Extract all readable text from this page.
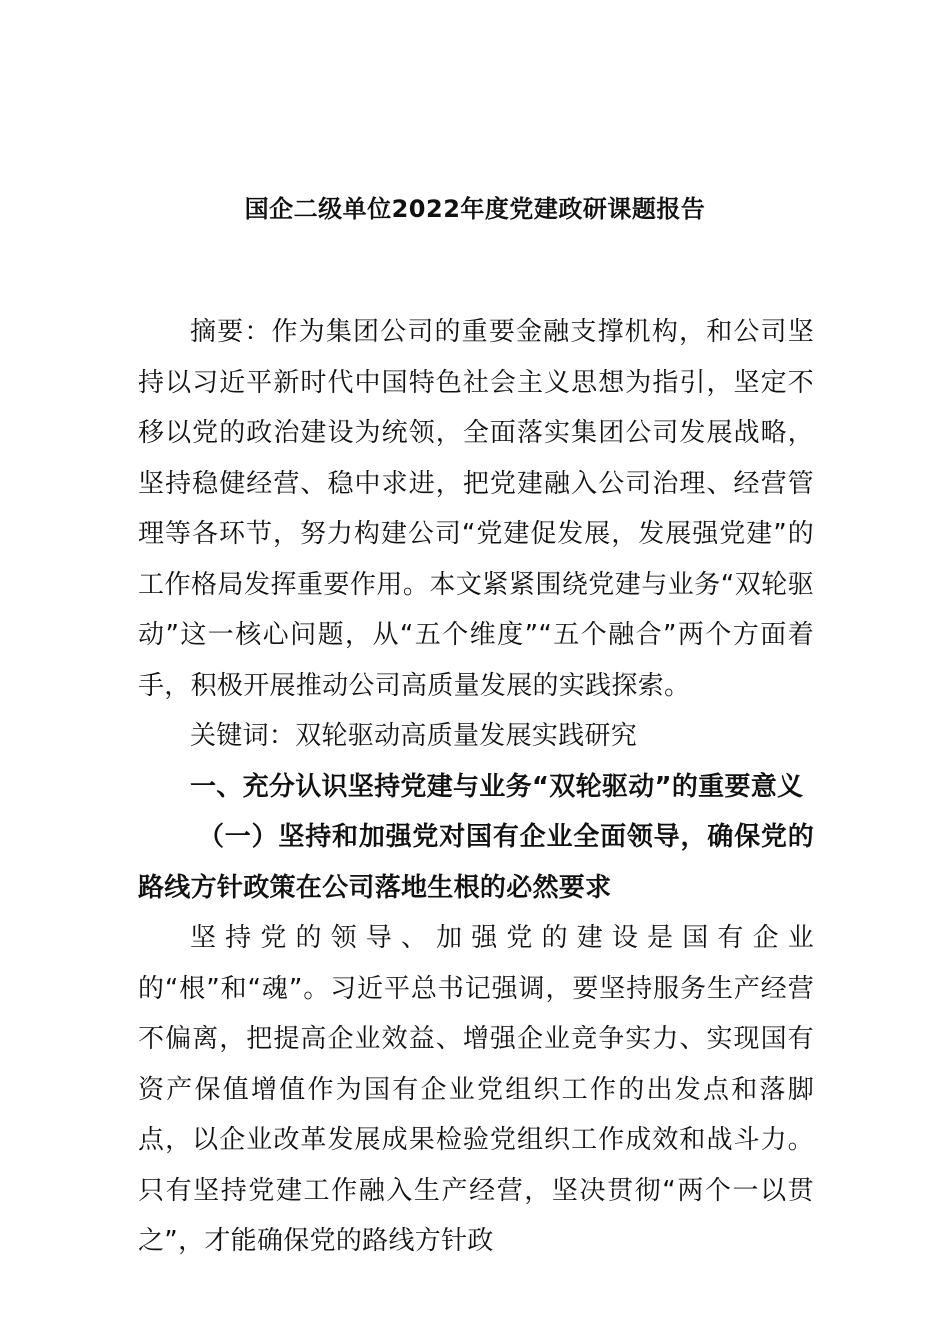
国企二级单位2022年度党建政研课题报告

摘要：作为集团公司的重要金融支撑机构，和公司坚持以习近平新时代中国特色社会主义思想为指引，坚定不移以党的政治建设为统领，全面落实集团公司发展战略，坚持稳健经营、稳中求进，把党建融入公司治理、经营管理等各环节，努力构建公司“党建促发展，发展强党建”的工作格局发挥重要作用。本文紧紧围绕党建与业务“双轮驱动”这一核心问题，从“五个维度”“五个融合”两个方面着手，积极开展推动公司高质量发展的实践探索。

关键词：双轮驱动高质量发展实践研究

一、充分认识坚持党建与业务“双轮驱动”的重要意义

（一）坚持和加强党对国有企业全面领导，确保党的路线方针政策在公司落地生根的必然要求

坚持党的领导、加强党的建设是国有企业的“根”和“魂”。习近平总书记强调，要坚持服务生产经营不偏离，把提高企业效益、增强企业竞争实力、实现国有资产保值增值作为国有企业党组织工作的出发点和落脚点，以企业改革发展成果检验党组织工作成效和战斗力。只有坚持党建工作融入生产经营，坚决贯彻“两个一以贯之”，才能确保党的路线方针政
